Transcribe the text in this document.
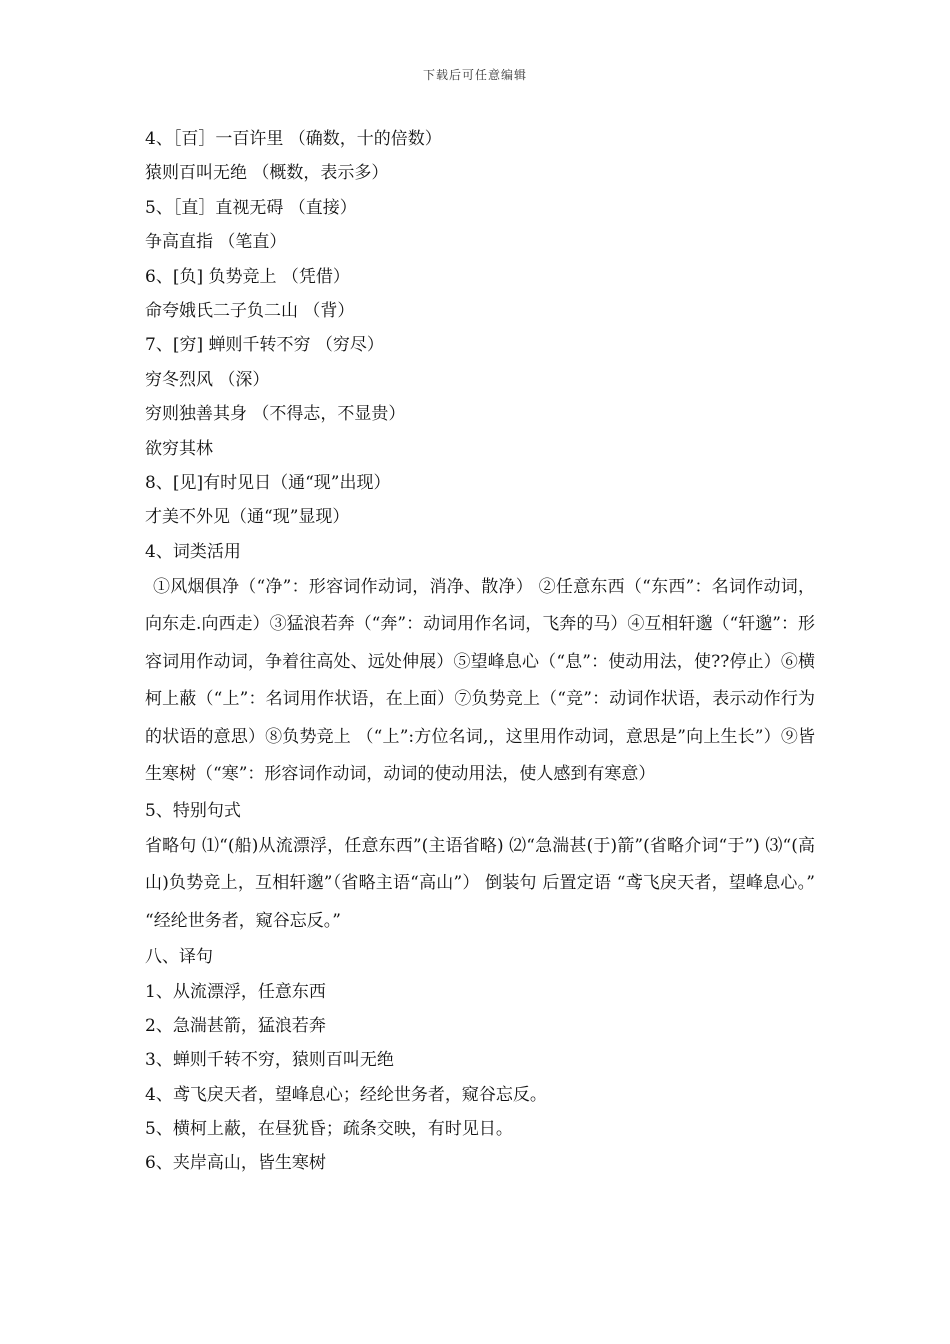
下载后可任意编辑
4、［百］一百许里 （确数，十的倍数）
猿则百叫无绝 （概数，表示多）
5、［直］直视无碍 （直接）
争高直指 （笔直）
6、[负] 负势竞上 （凭借）
命夸娥氏二子负二山 （背）
7、[穷] 蝉则千转不穷 （穷尽）
穷冬烈风 （深）
穷则独善其身 （不得志，不显贵）
欲穷其林
8、[见]有时见日（通“现”出现）
才美不外见（通“现”显现）
4、词类活用
①风烟俱净（“净”：形容词作动词，消净、散净） ②任意东西（“东西”：名词作动词，向东走.向西走）③猛浪若奔（“奔”：动词用作名词，飞奔的马）④互相轩邈（“轩邈”：形容词用作动词，争着往高处、远处伸展）⑤望峰息心（“息”：使动用法，使??停止）⑥横柯上蔽（“上”：名词用作状语，在上面）⑦负势竞上（“竞”：动词作状语，表示动作行为的状语的意思）⑧负势竞上 （“上”:方位名词,，这里用作动词，意思是”向上生长”）⑨皆生寒树（“寒”：形容词作动词，动词的使动用法，使人感到有寒意）
5、特别句式
省略句 ⑴“(船)从流漂浮，任意东西”(主语省略) ⑵“急湍甚(于)箭”(省略介词“于”) ⑶“(高山)负势竞上，互相轩邈”（省略主语“高山”） 倒装句 后置定语 “鸢飞戾天者，望峰息心。” “经纶世务者，窥谷忘反。”
八、译句
1、从流漂浮，任意东西
2、急湍甚箭，猛浪若奔
3、蝉则千转不穷，猿则百叫无绝
4、鸢飞戾天者，望峰息心；经纶世务者，窥谷忘反。
5、横柯上蔽，在昼犹昏；疏条交映，有时见日。
6、夹岸高山，皆生寒树
